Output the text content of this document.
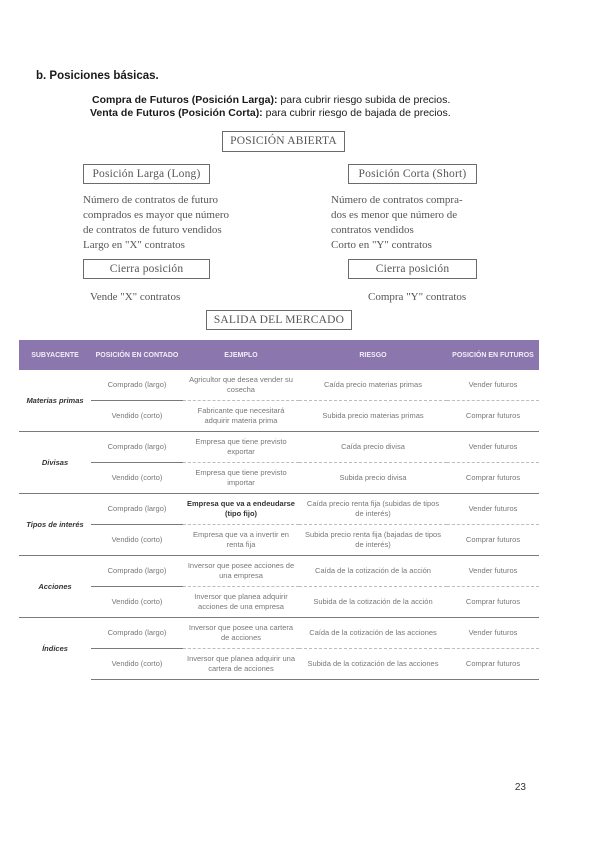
b. Posiciones básicas.
Compra de Futuros (Posición Larga): para cubrir riesgo subida de precios.
Venta de Futuros (Posición Corta): para cubrir riesgo de bajada de precios.
POSICIÓN ABIERTA
Posición Larga (Long)	Posición Corta (Short)
Número de contratos de futuro
comprados es mayor que número
de contratos de futuro vendidos
Largo en "X" contratos
Número de contratos compra-
dos es menor que número de
contratos vendidos
Corto en "Y" contratos
Cierra posición	Cierra posición
Vende "X" contratos	Compra "Y" contratos
SALIDA DEL MERCADO
SUBYACENTE	POSICIÓN EN CONTADO	EJEMPLO	RIESGO	POSICIÓN EN FUTUROS
Materias primas	Comprado (largo)	Agricultor que desea vender su cosecha	Caída precio materias primas	Vender futuros
	Vendido (corto)	Fabricante que necesitará adquirir materia prima	Subida precio materias primas	Comprar futuros
Divisas	Comprado (largo)	Empresa que tiene previsto exportar	Caída precio divisa	Vender futuros
	Vendido (corto)	Empresa que tiene previsto importar	Subida precio divisa	Comprar futuros
Tipos de interés	Comprado (largo)	Empresa que va a endeudarse (tipo fijo)	Caída precio renta fija (subidas de tipos de interés)	Vender futuros
	Vendido (corto)	Empresa que va a invertir en renta fija	Subida precio renta fija (bajadas de tipos de interés)	Comprar futuros
Acciones	Comprado (largo)	Inversor que posee acciones de una empresa	Caída de la cotización de la acción	Vender futuros
	Vendido (corto)	Inversor que planea adquirir acciones de una empresa	Subida de la cotización de la acción	Comprar futuros
Índices	Comprado (largo)	Inversor que posee una cartera de acciones	Caída de la cotización de las acciones	Vender futuros
	Vendido (corto)	Inversor que planea adquirir una cartera de acciones	Subida de la cotización de las acciones	Comprar futuros
23
